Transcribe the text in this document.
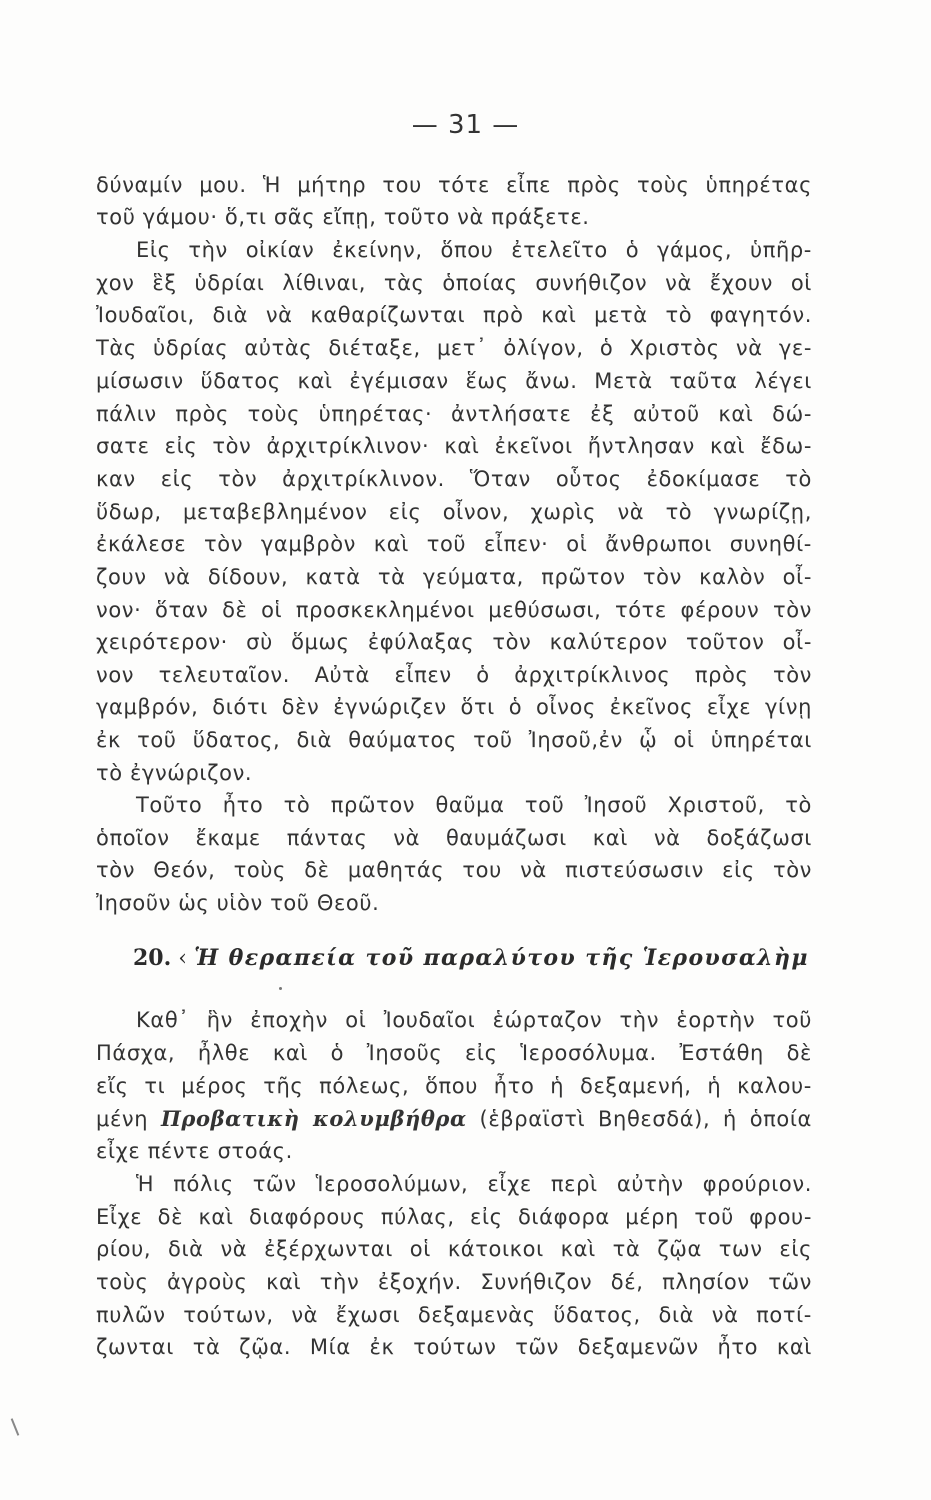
— 31 —
δύναμίν μου. Ἡ μήτηρ του τότε εἶπε πρὸς τοὺς ὑπηρέτας
τοῦ γάμου· ὅ,τι σᾶς εἴπῃ, τοῦτο νὰ πράξετε.
Εἰς τὴν οἰκίαν ἐκείνην, ὅπου ἐτελεῖτο ὁ γάμος, ὑπῆρ-
χον ἓξ ὑδρίαι λίθιναι, τὰς ὁποίας συνήθιζον νὰ ἔχουν οἱ
Ἰουδαῖοι, διὰ νὰ καθαρίζωνται πρὸ καὶ μετὰ τὸ φαγητόν.
Τὰς ὑδρίας αὐτὰς διέταξε, μετ᾽ ὀλίγον, ὁ Χριστὸς νὰ γε-
μίσωσιν ὕδατος καὶ ἐγέμισαν ἕως ἄνω. Μετὰ ταῦτα λέγει
πάλιν πρὸς τοὺς ὑπηρέτας· ἀντλήσατε ἐξ αὐτοῦ καὶ δώ-
σατε εἰς τὸν ἀρχιτρίκλινον· καὶ ἐκεῖνοι ἤντλησαν καὶ ἔδω-
καν εἰς τὸν ἀρχιτρίκλινον. Ὅταν οὗτος ἐδοκίμασε τὸ
ὕδωρ, μεταβεβλημένον εἰς οἶνον, χωρὶς νὰ τὸ γνωρίζῃ,
ἐκάλεσε τὸν γαμβρὸν καὶ τοῦ εἶπεν· οἱ ἄνθρωποι συνηθί-
ζουν νὰ δίδουν, κατὰ τὰ γεύματα, πρῶτον τὸν καλὸν οἶ-
νον· ὅταν δὲ οἱ προσκεκλημένοι μεθύσωσι, τότε φέρουν τὸν
χειρότερον· σὺ ὅμως ἐφύλαξας τὸν καλύτερον τοῦτον οἶ-
νον τελευταῖον. Αὐτὰ εἶπεν ὁ ἀρχιτρίκλινος πρὸς τὸν
γαμβρόν, διότι δὲν ἐγνώριζεν ὅτι ὁ οἶνος ἐκεῖνος εἶχε γίνῃ
ἐκ τοῦ ὕδατος, διὰ θαύματος τοῦ Ἰησοῦ,ἐν ᾧ οἱ ὑπηρέται
τὸ ἐγνώριζον.
Τοῦτο ἦτο τὸ πρῶτον θαῦμα τοῦ Ἰησοῦ Χριστοῦ, τὸ
ὁποῖον ἔκαμε πάντας νὰ θαυμάζωσι καὶ νὰ δοξάζωσι
τὸν Θεόν, τοὺς δὲ μαθητάς του νὰ πιστεύσωσιν εἰς τὸν
Ἰησοῦν ὡς υἱὸν τοῦ Θεοῦ.
20. ‹ Ἡ θεραπεία τοῦ παραλύτου τῆς Ἱερουσαλὴμ
Καθ᾽ ἣν ἐποχὴν οἱ Ἰουδαῖοι ἑώρταζον τὴν ἑορτὴν τοῦ
Πάσχα, ἦλθε καὶ ὁ Ἰησοῦς εἰς Ἱεροσόλυμα. Ἐστάθη δὲ
εἴς τι μέρος τῆς πόλεως, ὅπου ἦτο ἡ δεξαμενή, ἡ καλου-
μένη Προβατικὴ κολυμβήθρα (ἑβραϊστὶ Βηθεσδά), ἡ ὁποία
εἶχε πέντε στοάς.
Ἡ πόλις τῶν Ἱεροσολύμων, εἶχε περὶ αὐτὴν φρούριον.
Εἶχε δὲ καὶ διαφόρους πύλας, εἰς διάφορα μέρη τοῦ φρου-
ρίου, διὰ νὰ ἐξέρχωνται οἱ κάτοικοι καὶ τὰ ζῷα των εἰς
τοὺς ἀγροὺς καὶ τὴν ἐξοχήν. Συνήθιζον δέ, πλησίον τῶν
πυλῶν τούτων, νὰ ἔχωσι δεξαμενὰς ὕδατος, διὰ νὰ ποτί-
ζωνται τὰ ζῷα. Μία ἐκ τούτων τῶν δεξαμενῶν ἦτο καὶ
